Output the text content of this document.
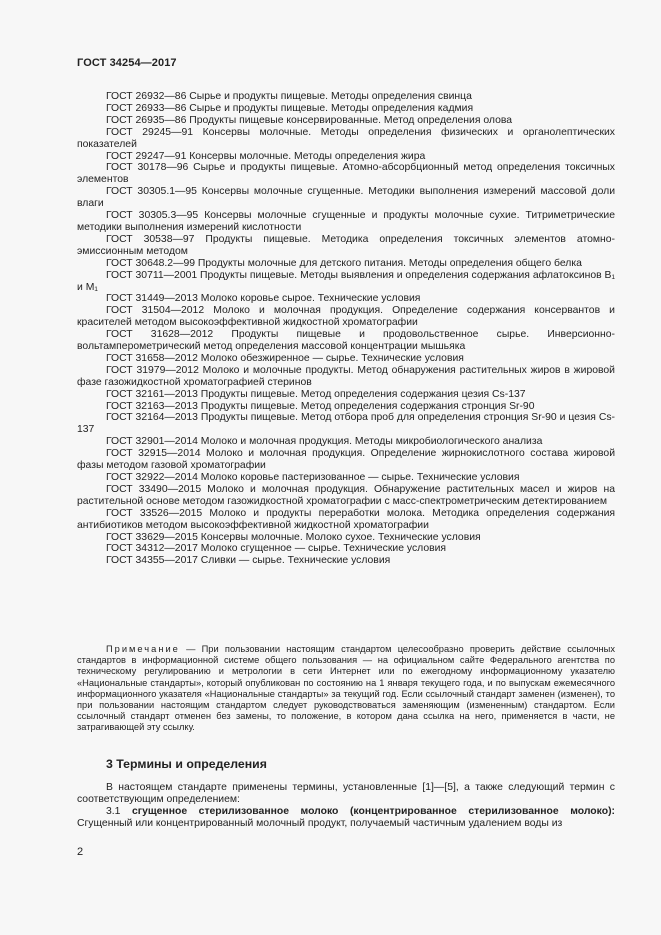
ГОСТ 34254—2017

ГОСТ 26932—86 Сырье и продукты пищевые. Методы определения свинца

ГОСТ 26933—86 Сырье и продукты пищевые. Методы определения кадмия

ГОСТ 26935—86 Продукты пищевые консервированные. Метод определения олова

ГОСТ 29245—91 Консервы молочные. Методы определения физических и органолептических показателей

ГОСТ 29247—91 Консервы молочные. Методы определения жира

ГОСТ 30178—96 Сырье и продукты пищевые. Атомно-абсорбционный метод определения токсичных элементов

ГОСТ 30305.1—95 Консервы молочные сгущенные. Методики выполнения измерений массовой доли влаги

ГОСТ 30305.3—95 Консервы молочные сгущенные и продукты молочные сухие. Титриметрические методики выполнения измерений кислотности

ГОСТ 30538—97 Продукты пищевые. Методика определения токсичных элементов атомно-эмиссионным методом

ГОСТ 30648.2—99 Продукты молочные для детского питания. Методы определения общего белка

ГОСТ 30711—2001 Продукты пищевые. Методы выявления и определения содержания афлатоксинов B₁ и M₁

ГОСТ 31449—2013 Молоко коровье сырое. Технические условия

ГОСТ 31504—2012 Молоко и молочная продукция. Определение содержания консервантов и красителей методом высокоэффективной жидкостной хроматографии

ГОСТ 31628—2012 Продукты пищевые и продовольственное сырье. Инверсионно-вольтамперометрический метод определения массовой концентрации мышьяка

ГОСТ 31658—2012 Молоко обезжиренное — сырье. Технические условия

ГОСТ 31979—2012 Молоко и молочные продукты. Метод обнаружения растительных жиров в жировой фазе газожидкостной хроматографией стеринов

ГОСТ 32161—2013 Продукты пищевые. Метод определения содержания цезия Cs-137

ГОСТ 32163—2013 Продукты пищевые. Метод определения содержания стронция Sr-90

ГОСТ 32164—2013 Продукты пищевые. Метод отбора проб для определения стронция Sr-90 и цезия Cs-137

ГОСТ 32901—2014 Молоко и молочная продукция. Методы микробиологического анализа

ГОСТ 32915—2014 Молоко и молочная продукция. Определение жирнокислотного состава жировой фазы методом газовой хроматографии

ГОСТ 32922—2014 Молоко коровье пастеризованное — сырье. Технические условия

ГОСТ 33490—2015 Молоко и молочная продукция. Обнаружение растительных масел и жиров на растительной основе методом газожидкостной хроматографии с масс-спектрометрическим детектированием

ГОСТ 33526—2015 Молоко и продукты переработки молока. Методика определения содержания антибиотиков методом высокоэффективной жидкостной хроматографии

ГОСТ 33629—2015 Консервы молочные. Молоко сухое. Технические условия

ГОСТ 34312—2017 Молоко сгущенное — сырье. Технические условия

ГОСТ 34355—2017 Сливки — сырье. Технические условия

Примечание — При пользовании настоящим стандартом целесообразно проверить действие ссылочных стандартов в информационной системе общего пользования — на официальном сайте Федерального агентства по техническому регулированию и метрологии в сети Интернет или по ежегодному информационному указателю «Национальные стандарты», который опубликован по состоянию на 1 января текущего года, и по выпускам ежемесячного информационного указателя «Национальные стандарты» за текущий год. Если ссылочный стандарт заменен (изменен), то при пользовании настоящим стандартом следует руководствоваться заменяющим (измененным) стандартом. Если ссылочный стандарт отменен без замены, то положение, в котором дана ссылка на него, применяется в части, не затрагивающей эту ссылку.

3 Термины и определения

В настоящем стандарте применены термины, установленные [1]—[5], а также следующий термин с соответствующим определением:

3.1 сгущенное стерилизованное молоко (концентрированное стерилизованное молоко): Сгущенный или концентрированный молочный продукт, получаемый частичным удалением воды из

2
